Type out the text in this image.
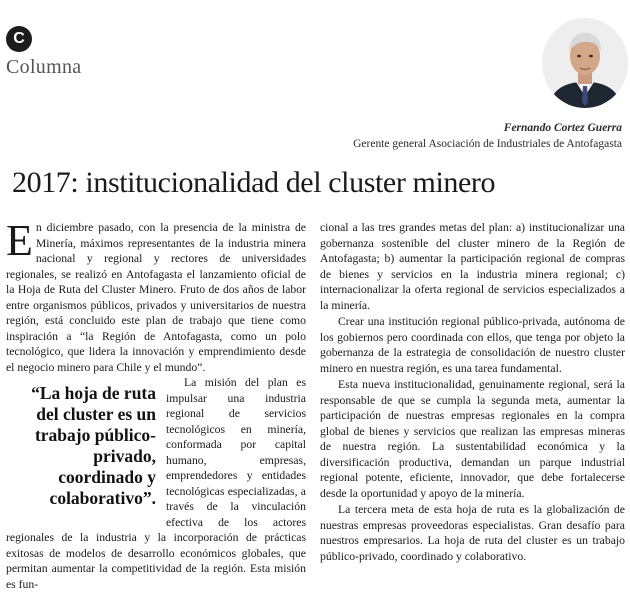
C
Columna
Fernando Cortez Guerra
Gerente general Asociación de Industriales de Antofagasta
2017: institucionalidad del cluster minero

E n diciembre pasado, con la presencia de la ministra de Minería, máximos representantes de la industria minera nacional y regional y rectores de universidades regionales, se realizó en Antofagasta el lanzamiento oficial de la Hoja de Ruta del Cluster Minero. Fruto de dos años de labor entre organismos públicos, privados y universitarios de nuestra región, está concluido este plan de trabajo que tiene como inspiración a “la Región de Antofagasta, como un polo tecnológico, que lidera la innovación y emprendimiento desde el negocio minero para Chile y el mundo”.

“La hoja de ruta del cluster es un trabajo público-privado, coordinado y colaborativo”.

La misión del plan es impulsar una industria regional de servicios tecnológicos en minería, conformada por capital humano, empresas, emprendedores y entidades tecnológicas especializadas, a través de la vinculación efectiva de los actores regionales de la industria y la incorporación de prácticas exitosas de modelos de desarrollo económicos globales, que permitan aumentar la competitividad de la región. Esta misión es fun-

cional a las tres grandes metas del plan: a) institucionalizar una gobernanza sostenible del cluster minero de la Región de Antofagasta; b) aumentar la participación regional de compras de bienes y servicios en la industria minera regional; c) internacionalizar la oferta regional de servicios especializados a la minería.

Crear una institución regional público-privada, autónoma de los gobiernos pero coordinada con ellos, que tenga por objeto la gobernanza de la estrategia de consolidación de nuestro cluster minero en nuestra región, es una tarea fundamental.

Esta nueva institucionalidad, genuinamente regional, será la responsable de que se cumpla la segunda meta, aumentar la participación de nuestras empresas regionales en la compra global de bienes y servicios que realizan las empresas mineras de nuestra región. La sustentabilidad económica y la diversificación productiva, demandan un parque industrial regional potente, eficiente, innovador, que debe fortalecerse desde la oportunidad y apoyo de la minería.

La tercera meta de esta hoja de ruta es la globalización de nuestras empresas proveedoras especialistas. Gran desafío para nuestros empresarios. La hoja de ruta del cluster es un trabajo público-privado, coordinado y colaborativo.
